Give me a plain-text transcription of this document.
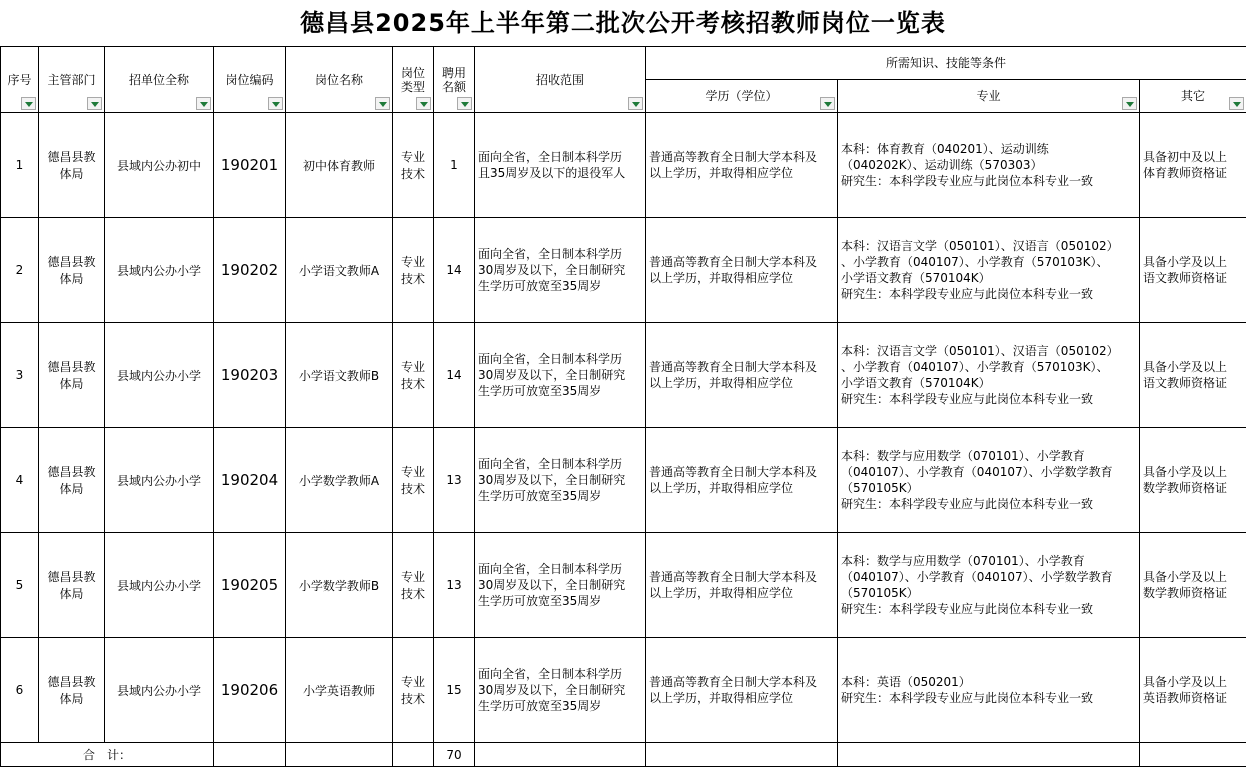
德昌县2025年上半年第二批次公开考核招教师岗位一览表
序号	主管部门	招单位全称	岗位编码	岗位名称	岗位
类型	聘用
名额	招收范围	所需知识、技能等条件		

								学历（学位）	专业	其它

1	德昌县教
体局	县域内公办初中	190201	初中体育教师	专业
技术	1	面向全省，全日制本科学历
且35周岁及以下的退役军人	普通高等教育全日制大学本科及
以上学历，并取得相应学位	本科：体育教育（040201）、运动训练
（040202K）、运动训练（570303）
研究生：本科学段专业应与此岗位本科专业一致	具备初中及以上
体育教师资格证
2	德昌县教
体局	县域内公办小学	190202	小学语文教师A	专业
技术	14	面向全省，全日制本科学历
30周岁及以下，全日制研究
生学历可放宽至35周岁	普通高等教育全日制大学本科及
以上学历，并取得相应学位	本科：汉语言文学（050101）、汉语言（050102）
、小学教育（040107）、小学教育（570103K）、
小学语文教育（570104K）
研究生：本科学段专业应与此岗位本科专业一致	具备小学及以上
语文教师资格证
3	德昌县教
体局	县域内公办小学	190203	小学语文教师B	专业
技术	14	面向全省，全日制本科学历
30周岁及以下，全日制研究
生学历可放宽至35周岁	普通高等教育全日制大学本科及
以上学历，并取得相应学位	本科：汉语言文学（050101）、汉语言（050102）
、小学教育（040107）、小学教育（570103K）、
小学语文教育（570104K）
研究生：本科学段专业应与此岗位本科专业一致	具备小学及以上
语文教师资格证
4	德昌县教
体局	县域内公办小学	190204	小学数学教师A	专业
技术	13	面向全省，全日制本科学历
30周岁及以下，全日制研究
生学历可放宽至35周岁	普通高等教育全日制大学本科及
以上学历，并取得相应学位	本科：数学与应用数学（070101）、小学教育
（040107）、小学教育（040107）、小学数学教育
（570105K）
研究生：本科学段专业应与此岗位本科专业一致	具备小学及以上
数学教师资格证
5	德昌县教
体局	县域内公办小学	190205	小学数学教师B	专业
技术	13	面向全省，全日制本科学历
30周岁及以下，全日制研究
生学历可放宽至35周岁	普通高等教育全日制大学本科及
以上学历，并取得相应学位	本科：数学与应用数学（070101）、小学教育
（040107）、小学教育（040107）、小学数学教育
（570105K）
研究生：本科学段专业应与此岗位本科专业一致	具备小学及以上
数学教师资格证
6	德昌县教
体局	县域内公办小学	190206	小学英语教师	专业
技术	15	面向全省，全日制本科学历
30周岁及以下，全日制研究
生学历可放宽至35周岁	普通高等教育全日制大学本科及
以上学历，并取得相应学位	本科：英语（050201）
研究生：本科学段专业应与此岗位本科专业一致	具备小学及以上
英语教师资格证
合　计：						70				
